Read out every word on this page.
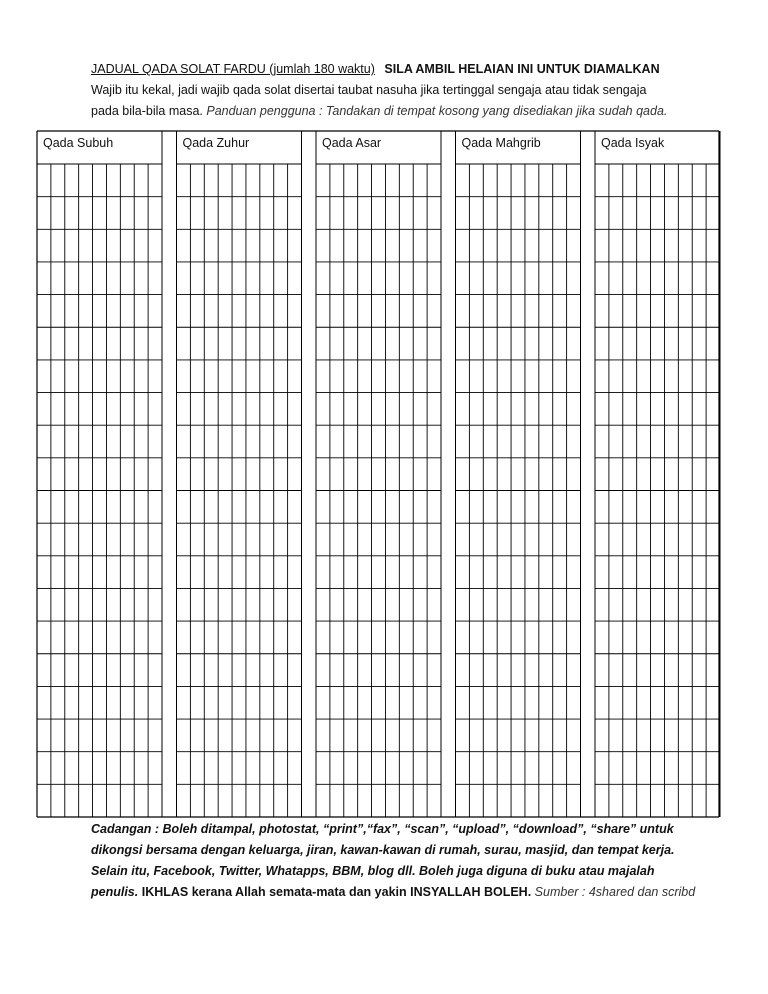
JADUAL QADA SOLAT FARDU (jumlah 180 waktu) SILA AMBIL HELAIAN INI UNTUK DIAMALKAN
Wajib itu kekal, jadi wajib qada solat disertai taubat nasuha jika tertinggal sengaja atau tidak sengaja
pada bila-bila masa. Panduan pengguna : Tandakan di tempat kosong yang disediakan jika sudah qada.
Qada Subuh	Qada Zuhur	Qada Asar	Qada Mahgrib	Qada Isyak
Cadangan : Boleh ditampal, photostat, “print”,“fax”, “scan”, “upload”, “download”, “share” untuk
dikongsi bersama dengan keluarga, jiran, kawan-kawan di rumah, surau, masjid, dan tempat kerja.
Selain itu, Facebook, Twitter, Whatapps, BBM, blog dll. Boleh juga diguna di buku atau majalah
penulis. IKHLAS kerana Allah semata-mata dan yakin INSYALLAH BOLEH. Sumber : 4shared dan scribd
